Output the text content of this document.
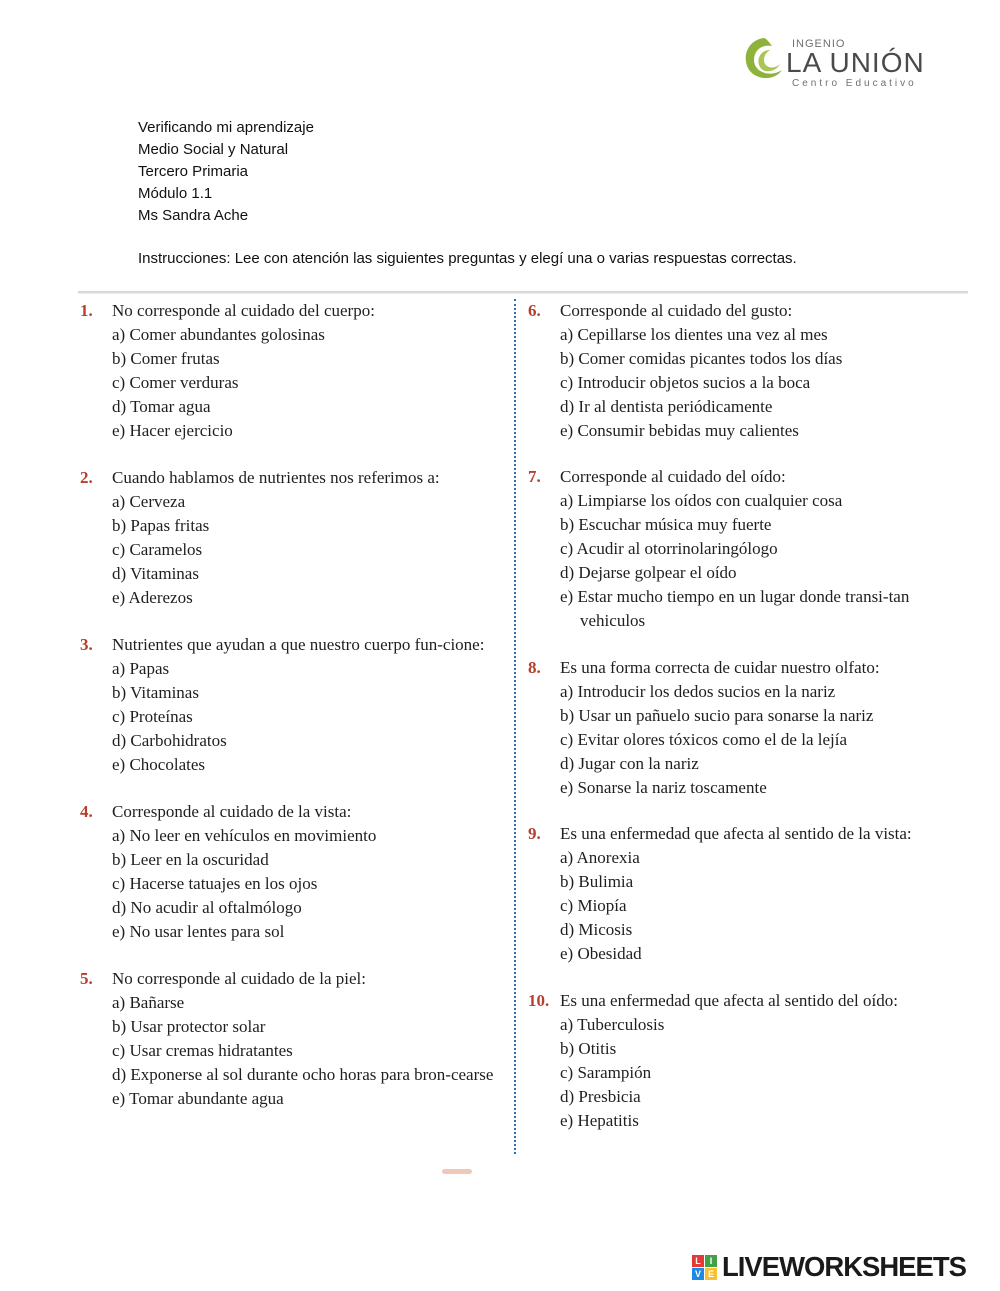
INGENIO
LA UNIÓN
Centro Educativo
Verificando mi aprendizaje
Medio Social y Natural
Tercero Primaria
Módulo 1.1
Ms Sandra Ache
Instrucciones: Lee con atención las siguientes preguntas y elegí una o varias respuestas correctas.
1.	No corresponde al cuidado del cuerpo:
a) Comer abundantes golosinas
b) Comer frutas
c) Comer verduras
d) Tomar agua
e) Hacer ejercicio
2.	Cuando hablamos de nutrientes nos referimos a:
a) Cerveza
b) Papas fritas
c) Caramelos
d) Vitaminas
e) Aderezos
3.	Nutrientes que ayudan a que nuestro cuerpo fun-cione:
a) Papas
b) Vitaminas
c) Proteínas
d) Carbohidratos
e) Chocolates
4.	Corresponde al cuidado de la vista:
a) No leer en vehículos en movimiento
b) Leer en la oscuridad
c) Hacerse tatuajes en los ojos
d) No acudir al oftalmólogo
e) No usar lentes para sol
5.	No corresponde al cuidado de la piel:
a) Bañarse
b) Usar protector solar
c) Usar cremas hidratantes
d) Exponerse al sol durante ocho horas para bron-cearse
e) Tomar abundante agua
6.	Corresponde al cuidado del gusto:
a) Cepillarse los dientes una vez al mes
b) Comer comidas picantes todos los días
c) Introducir objetos sucios a la boca
d) Ir al dentista periódicamente
e) Consumir bebidas muy calientes
7.	Corresponde al cuidado del oído:
a) Limpiarse los oídos con cualquier cosa
b) Escuchar música muy fuerte
c) Acudir al otorrinolaringólogo
d) Dejarse golpear el oído
e) Estar mucho tiempo en un lugar donde transi-tan vehiculos
8.	Es una forma correcta de cuidar nuestro olfato:
a) Introducir los dedos sucios en la nariz
b) Usar un pañuelo sucio para sonarse la nariz
c) Evitar olores tóxicos como el de la lejía
d) Jugar con la nariz
e) Sonarse la nariz toscamente
9.	Es una enfermedad que afecta al sentido de la vista:
a) Anorexia
b) Bulimia
c) Miopía
d) Micosis
e) Obesidad
10. Es una enfermedad que afecta al sentido del oído:
a) Tuberculosis
b) Otitis
c) Sarampión
d) Presbicia
e) Hepatitis
L I
V E LIVEWORKSHEETS
